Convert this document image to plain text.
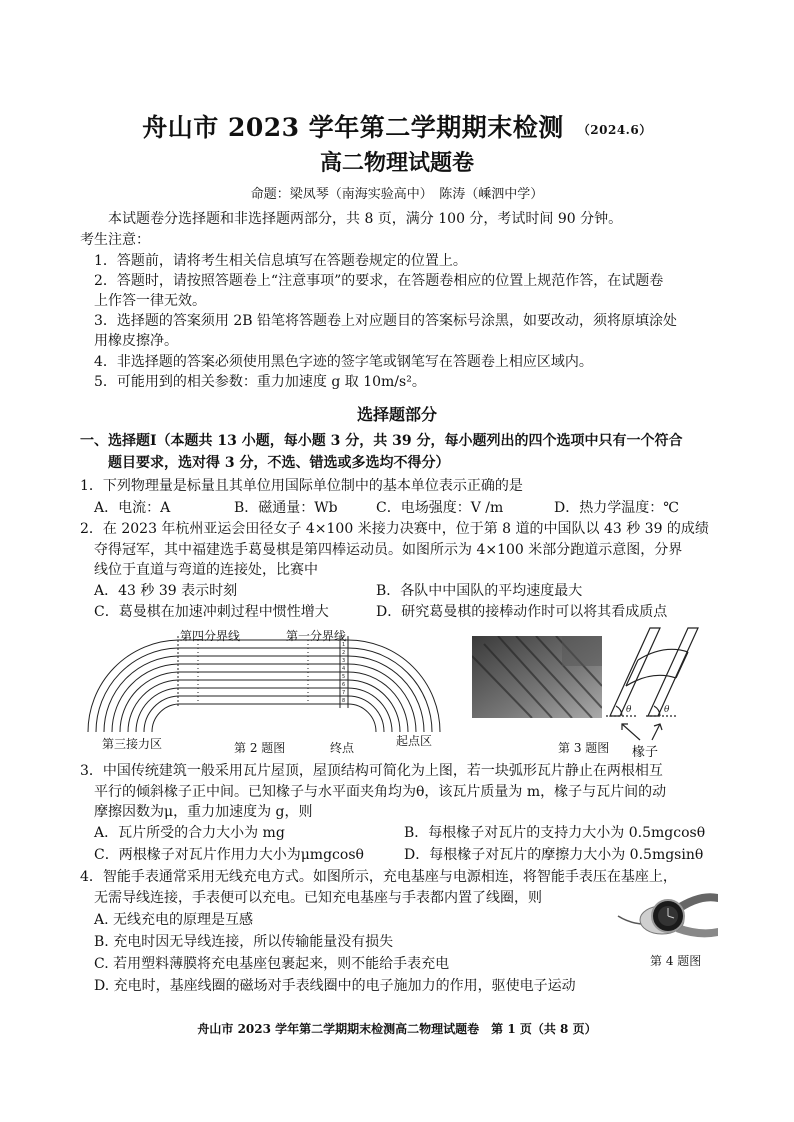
舟山市 2023 学年第二学期期末检测 （2024.6）
高二物理试题卷
命题：梁凤琴（南海实验高中）　陈涛（嵊泗中学）
本试题卷分选择题和非选择题两部分，共 8 页，满分 100 分，考试时间 90 分钟。
考生注意：
1．答题前，请将考生相关信息填写在答题卷规定的位置上。
2．答题时，请按照答题卷上“注意事项”的要求，在答题卷相应的位置上规范作答，在试题卷
上作答一律无效。
3．选择题的答案须用 2B 铅笔将答题卷上对应题目的答案标号涂黑，如要改动，须将原填涂处
用橡皮擦净。
4．非选择题的答案必须使用黑色字迹的签字笔或钢笔写在答题卷上相应区域内。
5．可能用到的相关参数：重力加速度 g 取 10m/s²。
选择题部分
一、选择题Ⅰ（本题共 13 小题，每小题 3 分，共 39 分，每小题列出的四个选项中只有一个符合
题目要求，选对得 3 分，不选、错选或多选均不得分）
1．下列物理量是标量且其单位用国际单位制中的基本单位表示正确的是
A．电流：A	B．磁通量：Wb	C．电场强度：V /m	D．热力学温度：℃
2．在 2023 年杭州亚运会田径女子 4×100 米接力决赛中，位于第 8 道的中国队以 43 秒 39 的成绩
夺得冠军，其中福建选手葛曼棋是第四棒运动员。如图所示为 4×100 米部分跑道示意图，分界
线位于直道与弯道的连接处，比赛中
A．43 秒 39 表示时刻	B．各队中中国队的平均速度最大
C．葛曼棋在加速冲刺过程中惯性增大	D．研究葛曼棋的接棒动作时可以将其看成质点
1
2
3
4
5
6
7
8
第四分界线	第一分界线
第三接力区	第 2 题图	终点	起点区
θ	θ
第 3 题图 椽子
3．中国传统建筑一般采用瓦片屋顶，屋顶结构可简化为上图，若一块弧形瓦片静止在两根相互
平行的倾斜椽子正中间。已知椽子与水平面夹角均为θ，该瓦片质量为 m，椽子与瓦片间的动
摩擦因数为μ，重力加速度为 g，则
A．瓦片所受的合力大小为 mg	B．每根椽子对瓦片的支持力大小为 0.5mgcosθ
C．两根椽子对瓦片作用力大小为μmgcosθ	D．每根椽子对瓦片的摩擦力大小为 0.5mgsinθ
4．智能手表通常采用无线充电方式。如图所示，充电基座与电源相连，将智能手表压在基座上，
无需导线连接，手表便可以充电。已知充电基座与手表都内置了线圈，则
A. 无线充电的原理是互感
B. 充电时因无导线连接，所以传输能量没有损失
C. 若用塑料薄膜将充电基座包裹起来，则不能给手表充电
D. 充电时，基座线圈的磁场对手表线圈中的电子施加力的作用，驱使电子运动
第 4 题图
舟山市 2023 学年第二学期期末检测高二物理试题卷　第 1 页（共 8 页）
